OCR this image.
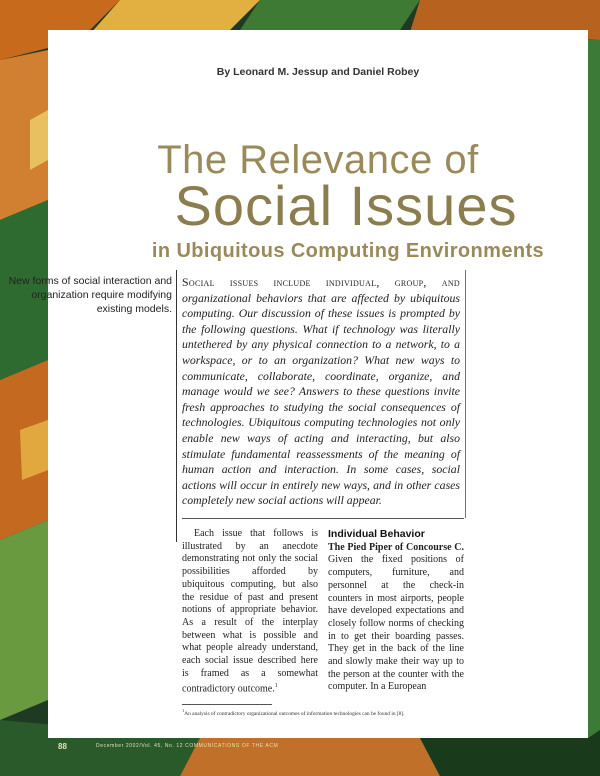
By Leonard M. Jessup and Daniel Robey
The Relevance of
Social Issues
in Ubiquitous Computing Environments
New forms of social interaction and organization require modifying existing models.
Social issues include individual, group, and organizational behaviors that are affected by ubiquitous computing. Our discussion of these issues is prompted by the following questions. What if technology was literally untethered by any physical connection to a network, to a workspace, or to an organization? What new ways to communicate, collaborate, coordinate, organize, and manage would we see? Answers to these questions invite fresh approaches to studying the social consequences of technologies. Ubiquitous computing technologies not only enable new ways of acting and interacting, but also stimulate fundamental reassessments of the meaning of human action and interaction. In some cases, social actions will occur in entirely new ways, and in other cases completely new social actions will appear.
Each issue that follows is illustrated by an anecdote demonstrating not only the social possibilities afforded by ubiquitous computing, but also the residue of past and present notions of appropriate behavior. As a result of the interplay between what is possible and what people already understand, each social issue described here is framed as a somewhat contradictory outcome.$^1$
Individual Behavior
The Pied Piper of Concourse C. Given the fixed positions of computers, furniture, and personnel at the check-in counters in most airports, people have developed expectations and closely follow norms of checking in to get their boarding passes. They get in the back of the line and slowly make their way up to the person at the counter with the computer. In a European
$^1$An analysis of contradictory organizational outcomes of information technologies can be found in [8].
88	December 2002/Vol. 45, No. 12 COMMUNICATIONS OF THE ACM
